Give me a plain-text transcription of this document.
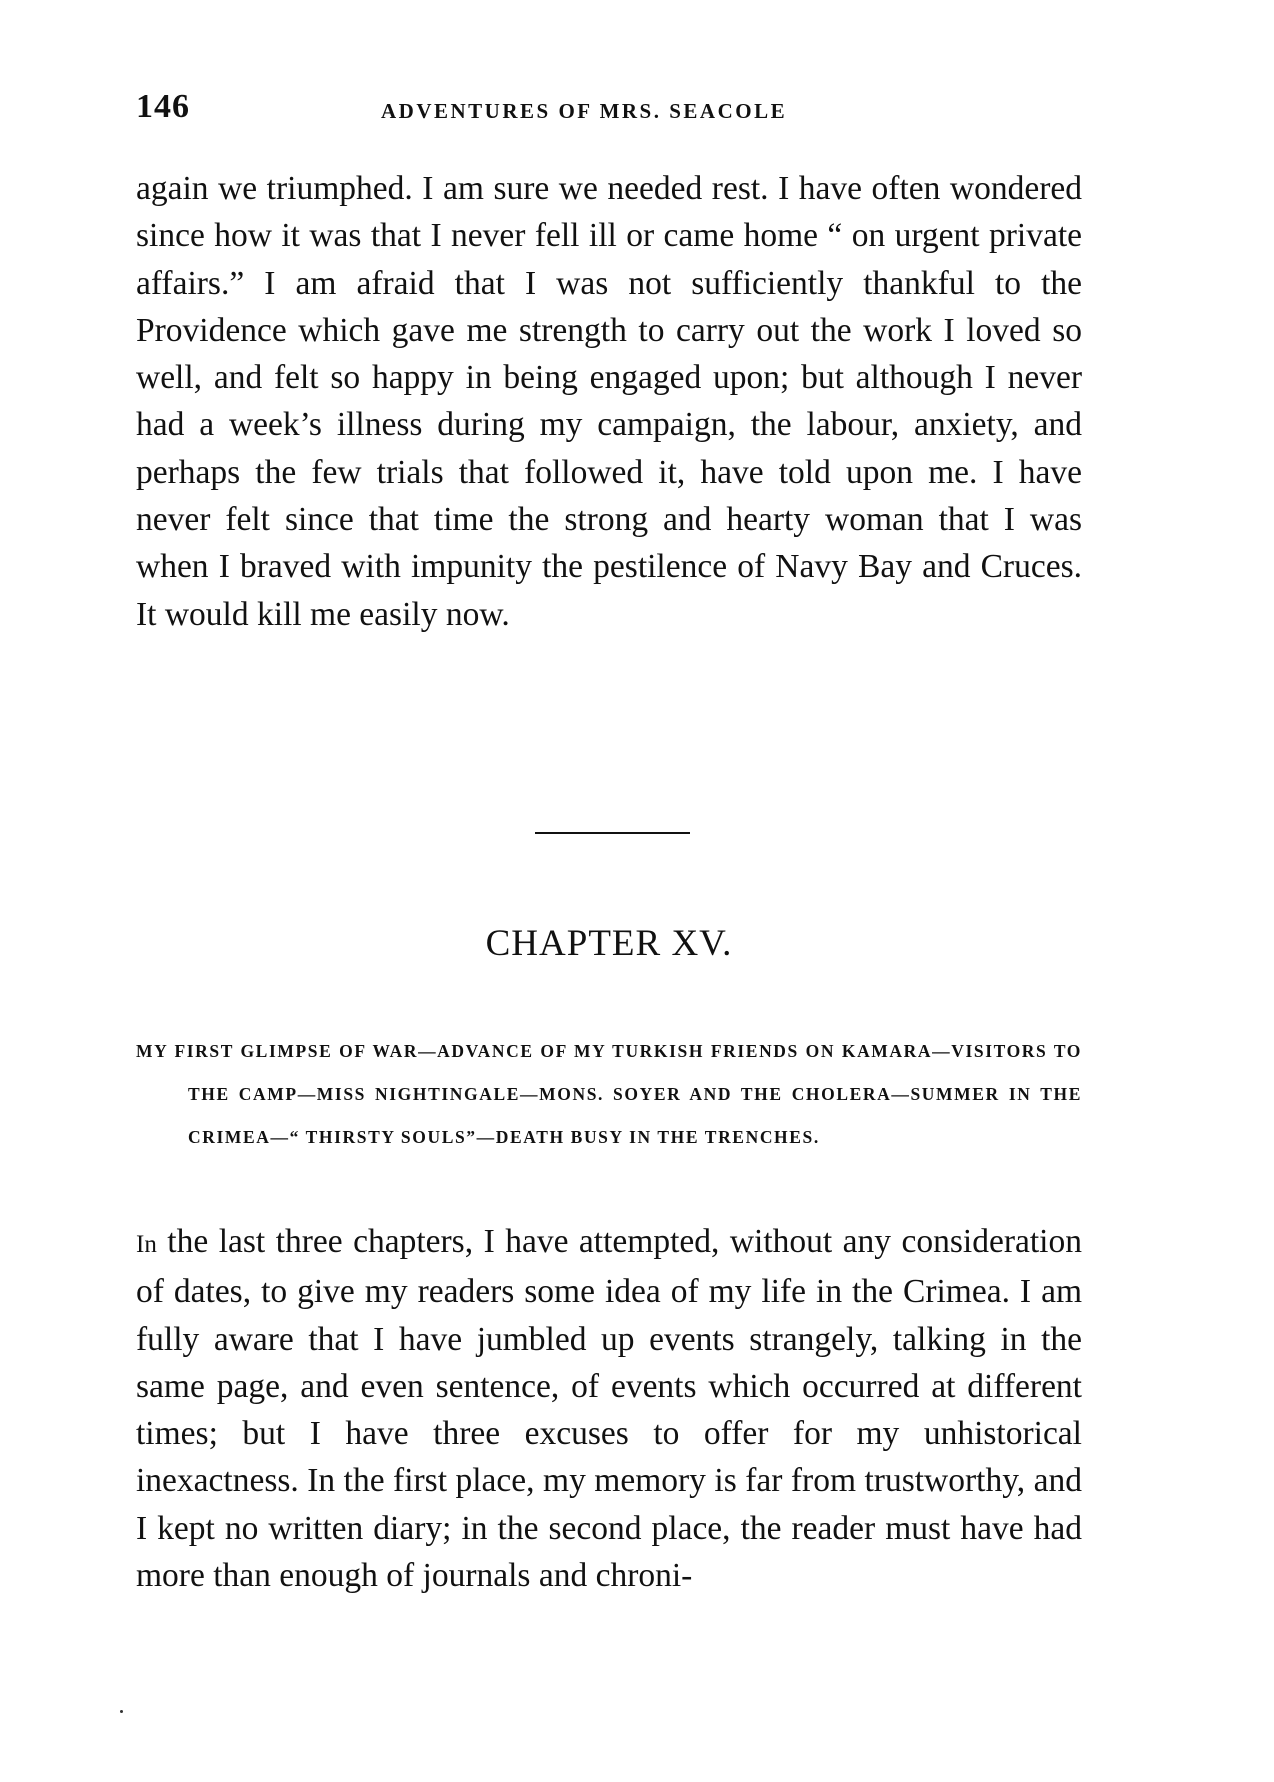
146	ADVENTURES OF MRS. SEACOLE
again we triumphed. I am sure we needed rest. I have often wondered since how it was that I never fell ill or came home “ on urgent private affairs.” I am afraid that I was not sufficiently thankful to the Providence which gave me strength to carry out the work I loved so well, and felt so happy in being engaged upon; but although I never had a week’s illness during my campaign, the labour, anxiety, and perhaps the few trials that followed it, have told upon me. I have never felt since that time the strong and hearty woman that I was when I braved with impunity the pestilence of Navy Bay and Cruces. It would kill me easily now.
CHAPTER XV.
MY FIRST GLIMPSE OF WAR—ADVANCE OF MY TURKISH FRIENDS ON KAMARA—VISITORS TO THE CAMP—MISS NIGHTINGALE—MONS. SOYER AND THE CHOLERA—SUMMER IN THE CRIMEA—“ THIRSTY SOULS”—DEATH BUSY IN THE TRENCHES.
In the last three chapters, I have attempted, without any consideration of dates, to give my readers some idea of my life in the Crimea. I am fully aware that I have jumbled up events strangely, talking in the same page, and even sentence, of events which occurred at different times; but I have three excuses to offer for my unhistorical inexactness. In the first place, my memory is far from trustworthy, and I kept no written diary; in the second place, the reader must have had more than enough of journals and chroni-
